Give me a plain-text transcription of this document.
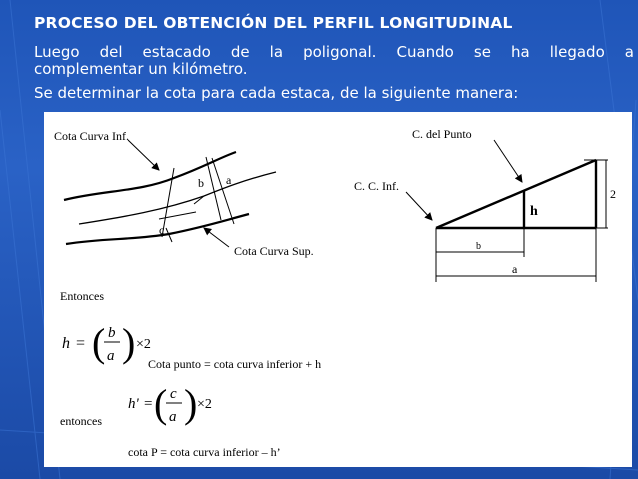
PROCESO DEL OBTENCIÓN DEL PERFIL LONGITUDINAL
Luego del estacado de la poligonal. Cuando se ha llegado a
complementar un kilómetro.
Se determinar la cota para cada estaca, de la siguiente manera:
Cota Curva Inf.
Cota Curva Sup.
a
b
c
C. del Punto
C. C. Inf.
h
2
b
a
Entonces
h = ( b
a ) ×2
Cota punto = cota curva inferior + h
h' = ( c
a ) ×2
entonces
cota P = cota curva inferior – h’
